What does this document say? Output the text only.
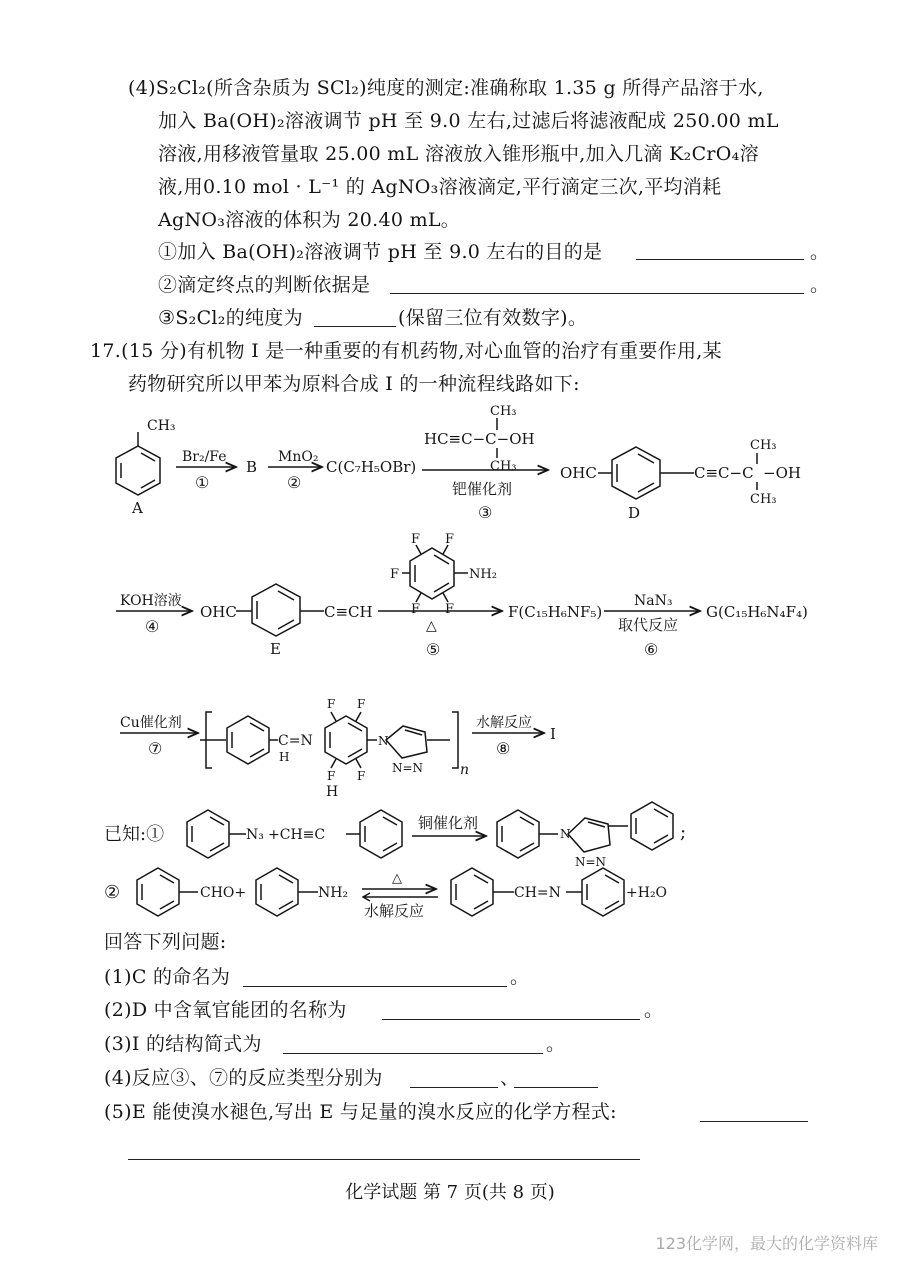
(4)S₂Cl₂(所含杂质为 SCl₂)纯度的测定:准确称取 1.35 g 所得产品溶于水,
加入 Ba(OH)₂溶液调节 pH 至 9.0 左右,过滤后将滤液配成 250.00 mL
溶液,用移液管量取 25.00 mL 溶液放入锥形瓶中,加入几滴 K₂CrO₄溶
液,用0.10 mol · L⁻¹ 的 AgNO₃溶液滴定,平行滴定三次,平均消耗
AgNO₃溶液的体积为 20.40 mL。
①加入 Ba(OH)₂溶液调节 pH 至 9.0 左右的目的是	。
②滴定终点的判断依据是	。
③S₂Cl₂的纯度为	(保留三位有效数字)。
17.(15 分)有机物 I 是一种重要的有机药物,对心血管的治疗有重要作用,某
药物研究所以甲苯为原料合成 I 的一种流程线路如下:
CH₃
A
Br₂/Fe
①
B
MnO₂
②
C(C₇H₅OBr)
CH₃
HC≡C−C−OH
CH₃
钯催化剂
③
OHC	C≡C−C
CH₃
−OH
CH₃
D
KOH溶液
④
OHC	C≡CH
E
F F
F	NH₂
F F
△
⑤
F(C₁₅H₆NF₅)
NaN₃
取代反应
⑥
G(C₁₅H₆N₄F₄)
Cu催化剂
⑦	C=N
H
F F
F F
N
N=N	n
H
水解反应
⑧
I
已知:①	N₃ +CH≡C
铜催化剂
N
N=N
;
②	CHO+	NH₂
△
水解反应
CH=N	+H₂O
回答下列问题:
(1)C 的命名为	。
(2)D 中含氧官能团的名称为	。
(3)I 的结构简式为	。
(4)反应③、⑦的反应类型分别为	、
(5)E 能使溴水褪色,写出 E 与足量的溴水反应的化学方程式:
化学试题 第 7 页(共 8 页)
123化学网，最大的化学资料库
